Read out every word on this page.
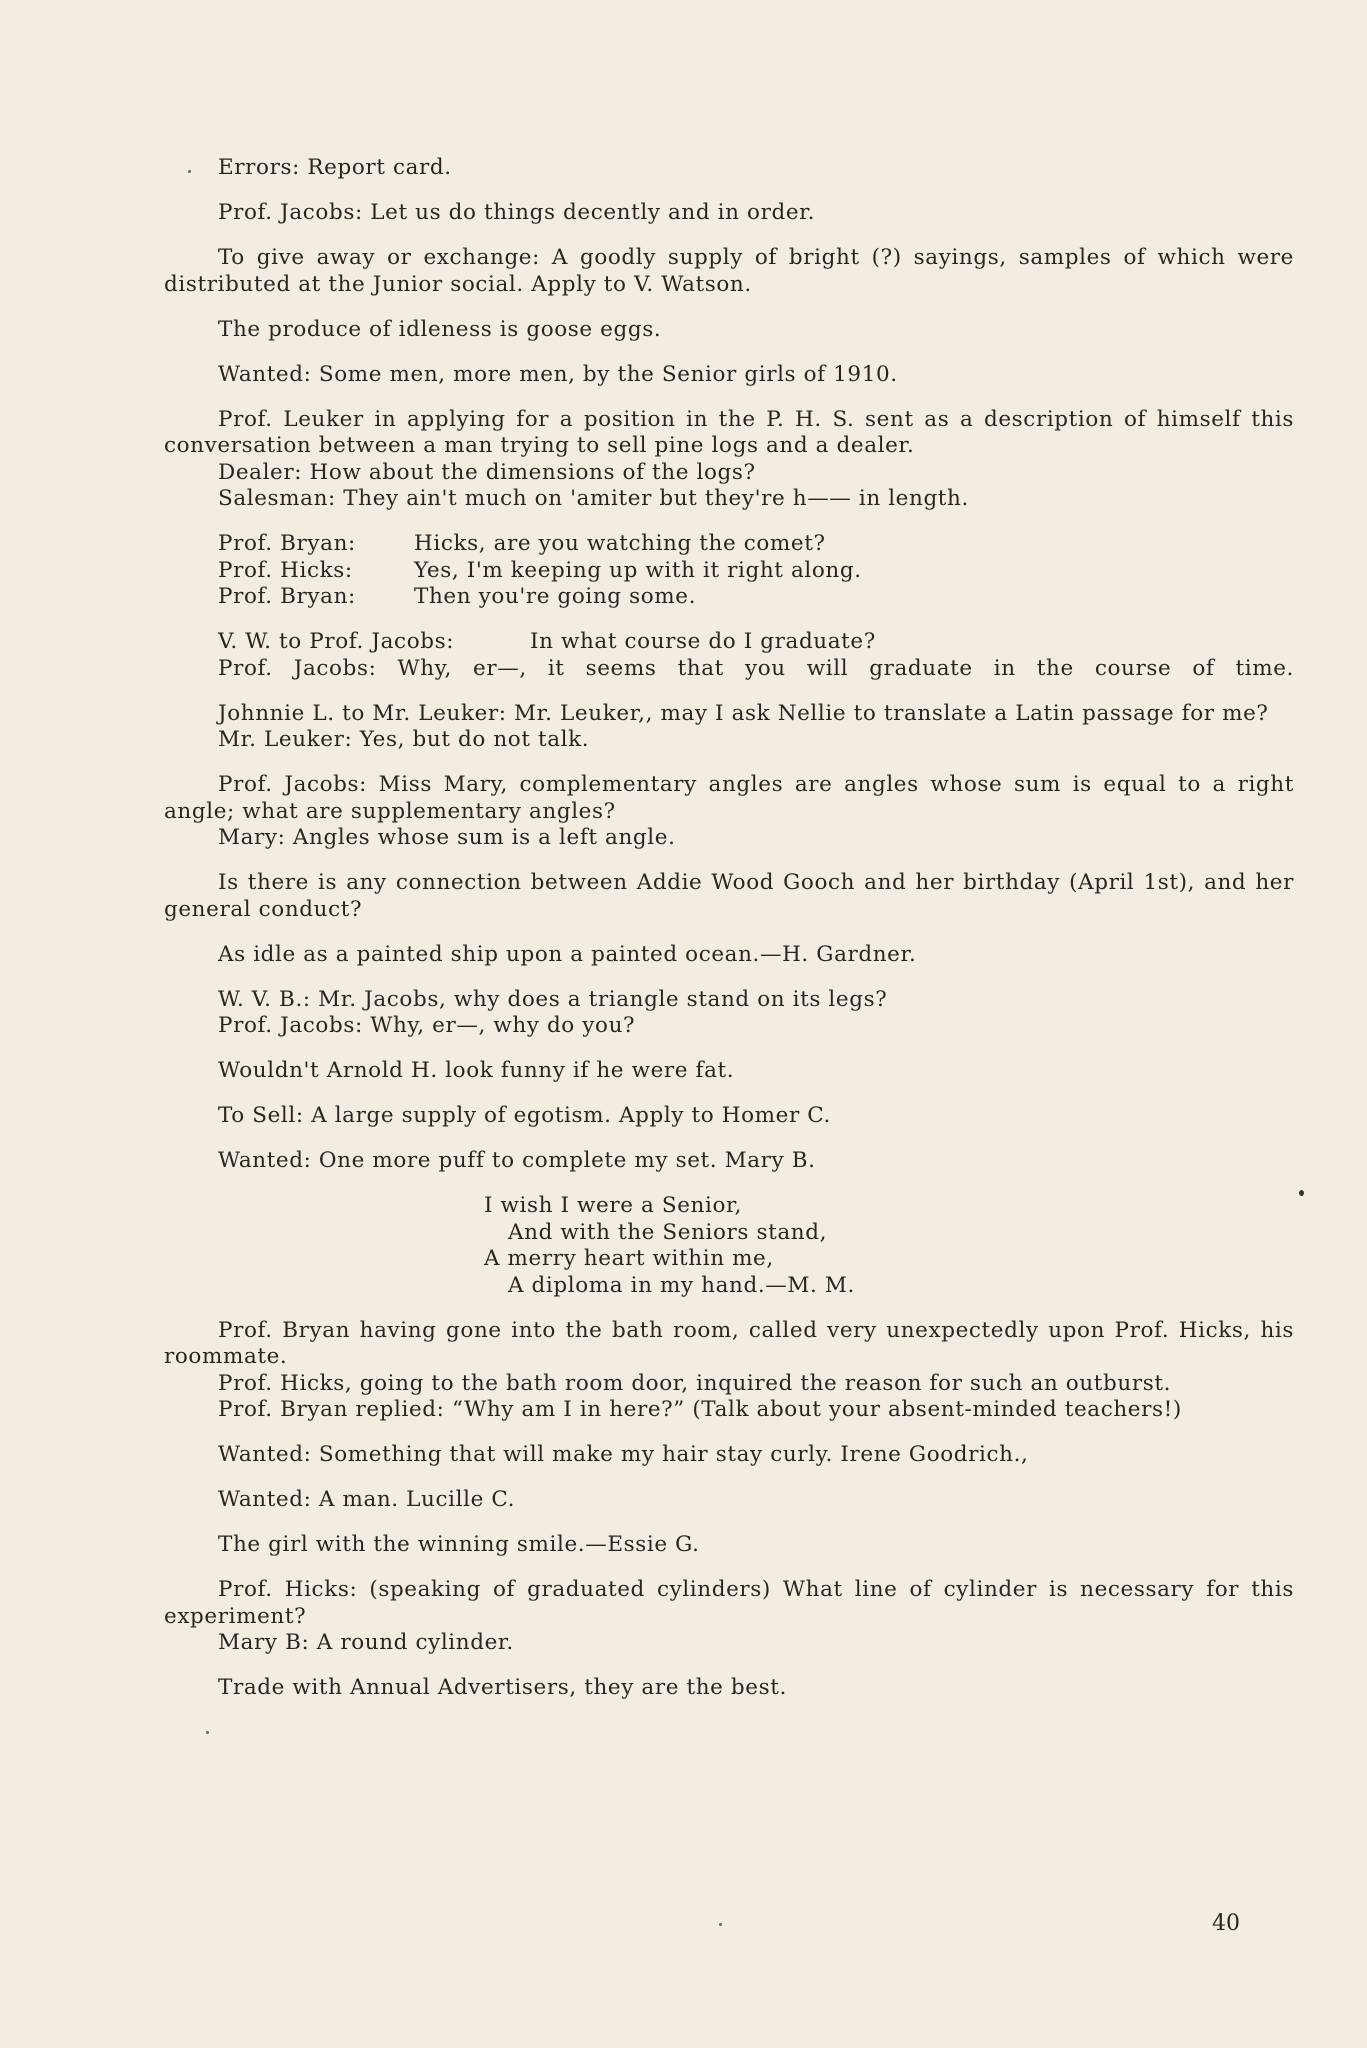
Errors: Report card.

Prof. Jacobs: Let us do things decently and in order.

To give away or exchange: A goodly supply of bright (?) sayings, samples of which were distributed at the Junior social. Apply to V. Watson.

The produce of idleness is goose eggs.

Wanted: Some men, more men, by the Senior girls of 1910.

Prof. Leuker in applying for a position in the P. H. S. sent as a description of himself this conversation between a man trying to sell pine logs and a dealer.

Dealer: How about the dimensions of the logs?

Salesman: They ain't much on 'amiter but they're h—— in length.

Prof. Bryan:	Hicks, are you watching the comet?
Prof. Hicks:	Yes, I'm keeping up with it right along.
Prof. Bryan:	Then you're going some.
V. W. to Prof. Jacobs:	In what course do I graduate?

Prof. Jacobs: Why, er—, it seems that you will graduate in the course of time.

Johnnie L. to Mr. Leuker: Mr. Leuker,, may I ask Nellie to translate a Latin passage for me?

Mr. Leuker: Yes, but do not talk.

Prof. Jacobs: Miss Mary, complementary angles are angles whose sum is equal to a right angle; what are supplementary angles?

Mary: Angles whose sum is a left angle.

Is there is any connection between Addie Wood Gooch and her birthday (April 1st), and her general conduct?

As idle as a painted ship upon a painted ocean.—H. Gardner.

W. V. B.: Mr. Jacobs, why does a triangle stand on its legs?

Prof. Jacobs: Why, er—, why do you?

Wouldn't Arnold H. look funny if he were fat.

To Sell: A large supply of egotism. Apply to Homer C.

Wanted: One more puff to complete my set. Mary B.

I wish I were a Senior,

And with the Seniors stand,

A merry heart within me,

A diploma in my hand.—M. M.

Prof. Bryan having gone into the bath room, called very unexpectedly upon Prof. Hicks, his roommate.

Prof. Hicks, going to the bath room door, inquired the reason for such an outburst.

Prof. Bryan replied: “Why am I in here?” (Talk about your absent-minded teachers!)

Wanted: Something that will make my hair stay curly. Irene Goodrich.,

Wanted: A man. Lucille C.

The girl with the winning smile.—Essie G.

Prof. Hicks: (speaking of graduated cylinders) What line of cylinder is necessary for this experiment?

Mary B: A round cylinder.

Trade with Annual Advertisers, they are the best.

40
